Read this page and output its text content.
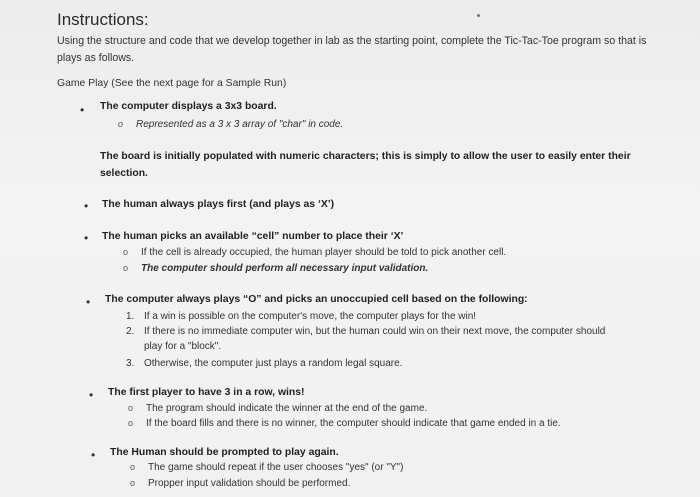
Instructions:
Using the structure and code that we develop together in lab as the starting point, complete the Tic-Tac-Toe program so that is plays as follows.
Game Play (See the next page for a Sample Run)
• The computer displays a 3x3 board.
o Represented as a 3 x 3 array of "char" in code.
The board is initially populated with numeric characters; this is simply to allow the user to easily enter their selection.
• The human always plays first (and plays as ‘X’)
• The human picks an available “cell” number to place their ‘X’
o If the cell is already occupied, the human player should be told to pick another cell.
o The computer should perform all necessary input validation.
• The computer always plays “O” and picks an unoccupied cell based on the following:
1. If a win is possible on the computer's move, the computer plays for the win!
2. If there is no immediate computer win, but the human could win on their next move, the computer should play for a "block".
3. Otherwise, the computer just plays a random legal square.
• The first player to have 3 in a row, wins!
o The program should indicate the winner at the end of the game.
o If the board fills and there is no winner, the computer should indicate that game ended in a tie.
• The Human should be prompted to play again.
o The game should repeat if the user chooses "yes" (or "Y")
o Propper input validation should be performed.
